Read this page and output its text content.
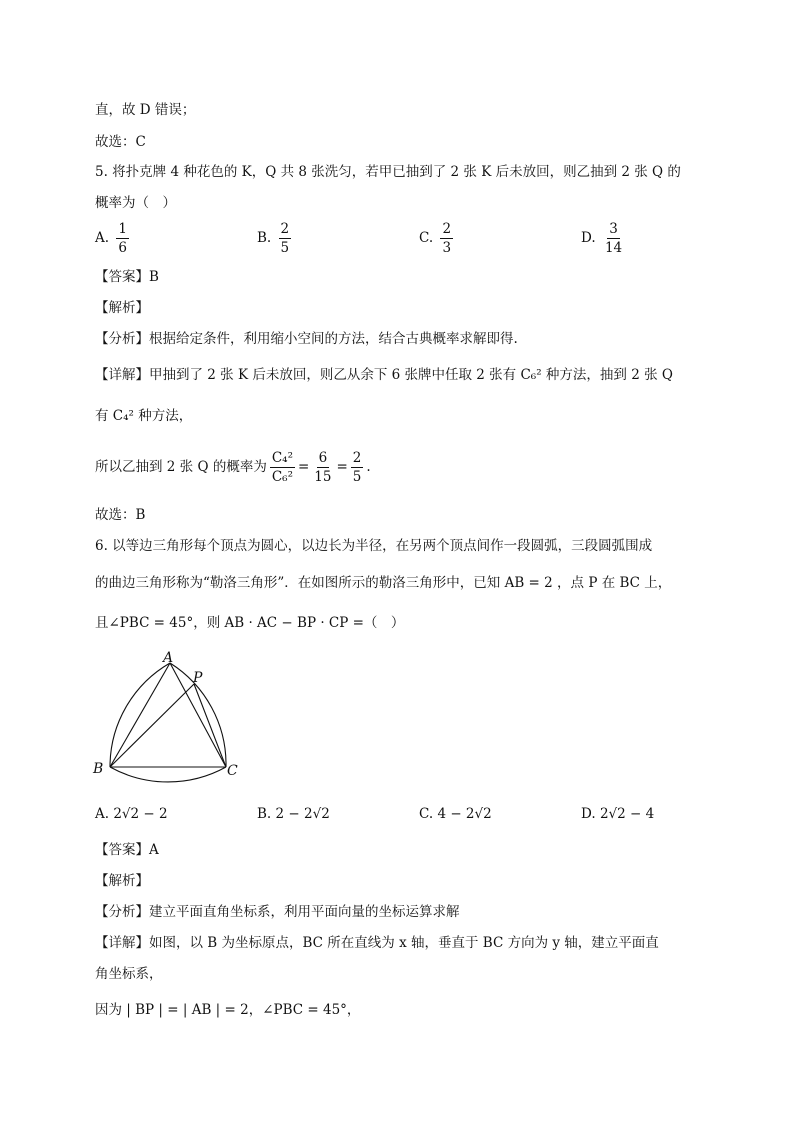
直，故 D 错误；
故选：C
5. 将扑克牌 4 种花色的 K，Q 共 8 张洗匀，若甲已抽到了 2 张 K 后未放回，则乙抽到 2 张 Q 的
概率为（　）
A. $\frac{1}{6}$	B. $\frac{2}{5}$	C. $\frac{2}{3}$	D. $\frac{3}{14}$
【答案】B
【解析】
【分析】根据给定条件，利用缩小空间的方法，结合古典概率求解即得.
【详解】甲抽到了 2 张 K 后未放回，则乙从余下 6 张牌中任取 2 张有 C₆² 种方法，抽到 2 张 Q
有 C₄² 种方法，
所以乙抽到 2 张 Q 的概率为 $\frac{\text{C₄²}}{\text{C₆²}} = \frac{6}{15} = \frac{2}{5}$ .
故选：B
6. 以等边三角形每个顶点为圆心，以边长为半径，在另两个顶点间作一段圆弧，三段圆弧围成
的曲边三角形称为“勒洛三角形”．在如图所示的勒洛三角形中，已知 AB = 2 ，点 P 在 BC 上，
且∠PBC = 45°，则 AB · AC − BP · CP =（　）
A
B	C
P
A. 2√2 − 2	B. 2 − 2√2	C. 4 − 2√2	D. 2√2 − 4
【答案】A
【解析】
【分析】建立平面直角坐标系，利用平面向量的坐标运算求解
【详解】如图，以 B 为坐标原点，BC 所在直线为 x 轴，垂直于 BC 方向为 y 轴，建立平面直
角坐标系，
因为 | BP | = | AB | = 2，∠PBC = 45°，
